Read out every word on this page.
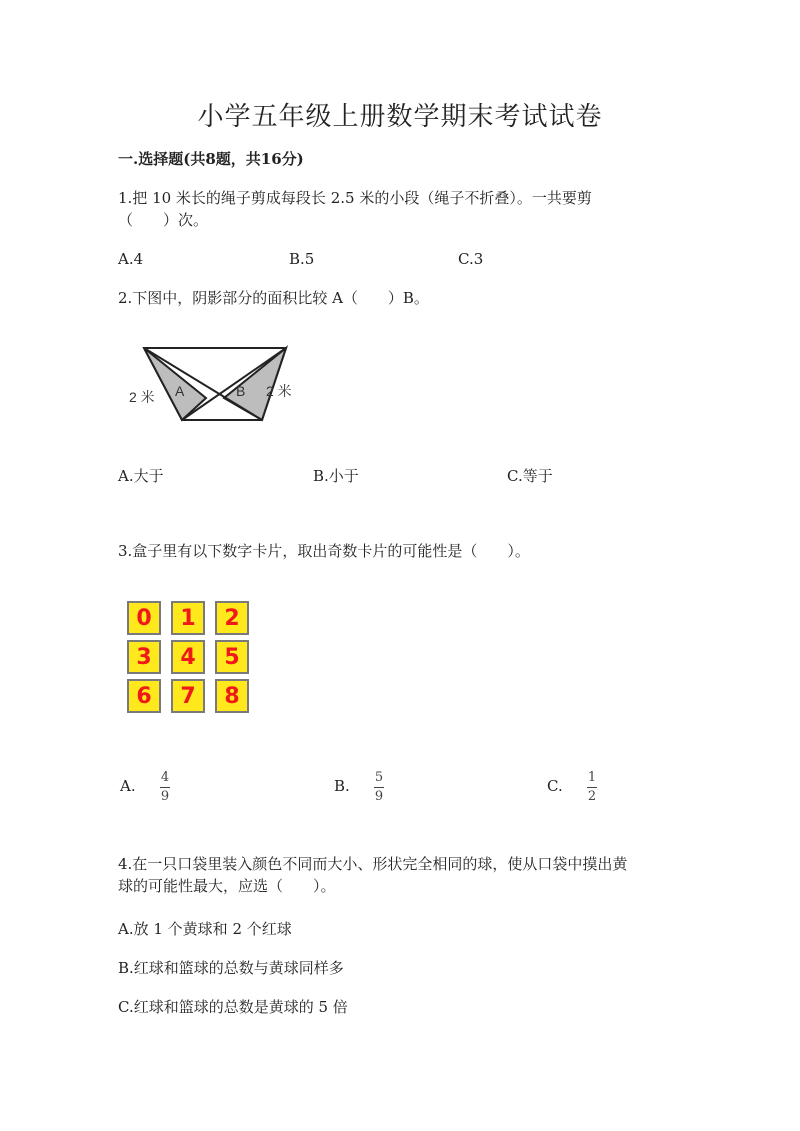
小学五年级上册数学期末考试试卷
一.选择题(共8题，共16分)
1.把 10 米长的绳子剪成每段长 2.5 米的小段（绳子不折叠）。一共要剪
（　　）次。
A.4	B.5	C.3
2.下图中，阴影部分的面积比较 A（　　）B。
A	B
2 米	2 米
A.大于	B.小于	C.等于
3.盒子里有以下数字卡片，取出奇数卡片的可能性是（　　）。
0	1	2
3	4	5
6	7	8
A. 4
9
B. 5
9
C. 1
2
4.在一只口袋里装入颜色不同而大小、形状完全相同的球，使从口袋中摸出黄
球的可能性最大，应选（　　）。
A.放 1 个黄球和 2 个红球
B.红球和篮球的总数与黄球同样多
C.红球和篮球的总数是黄球的 5 倍
